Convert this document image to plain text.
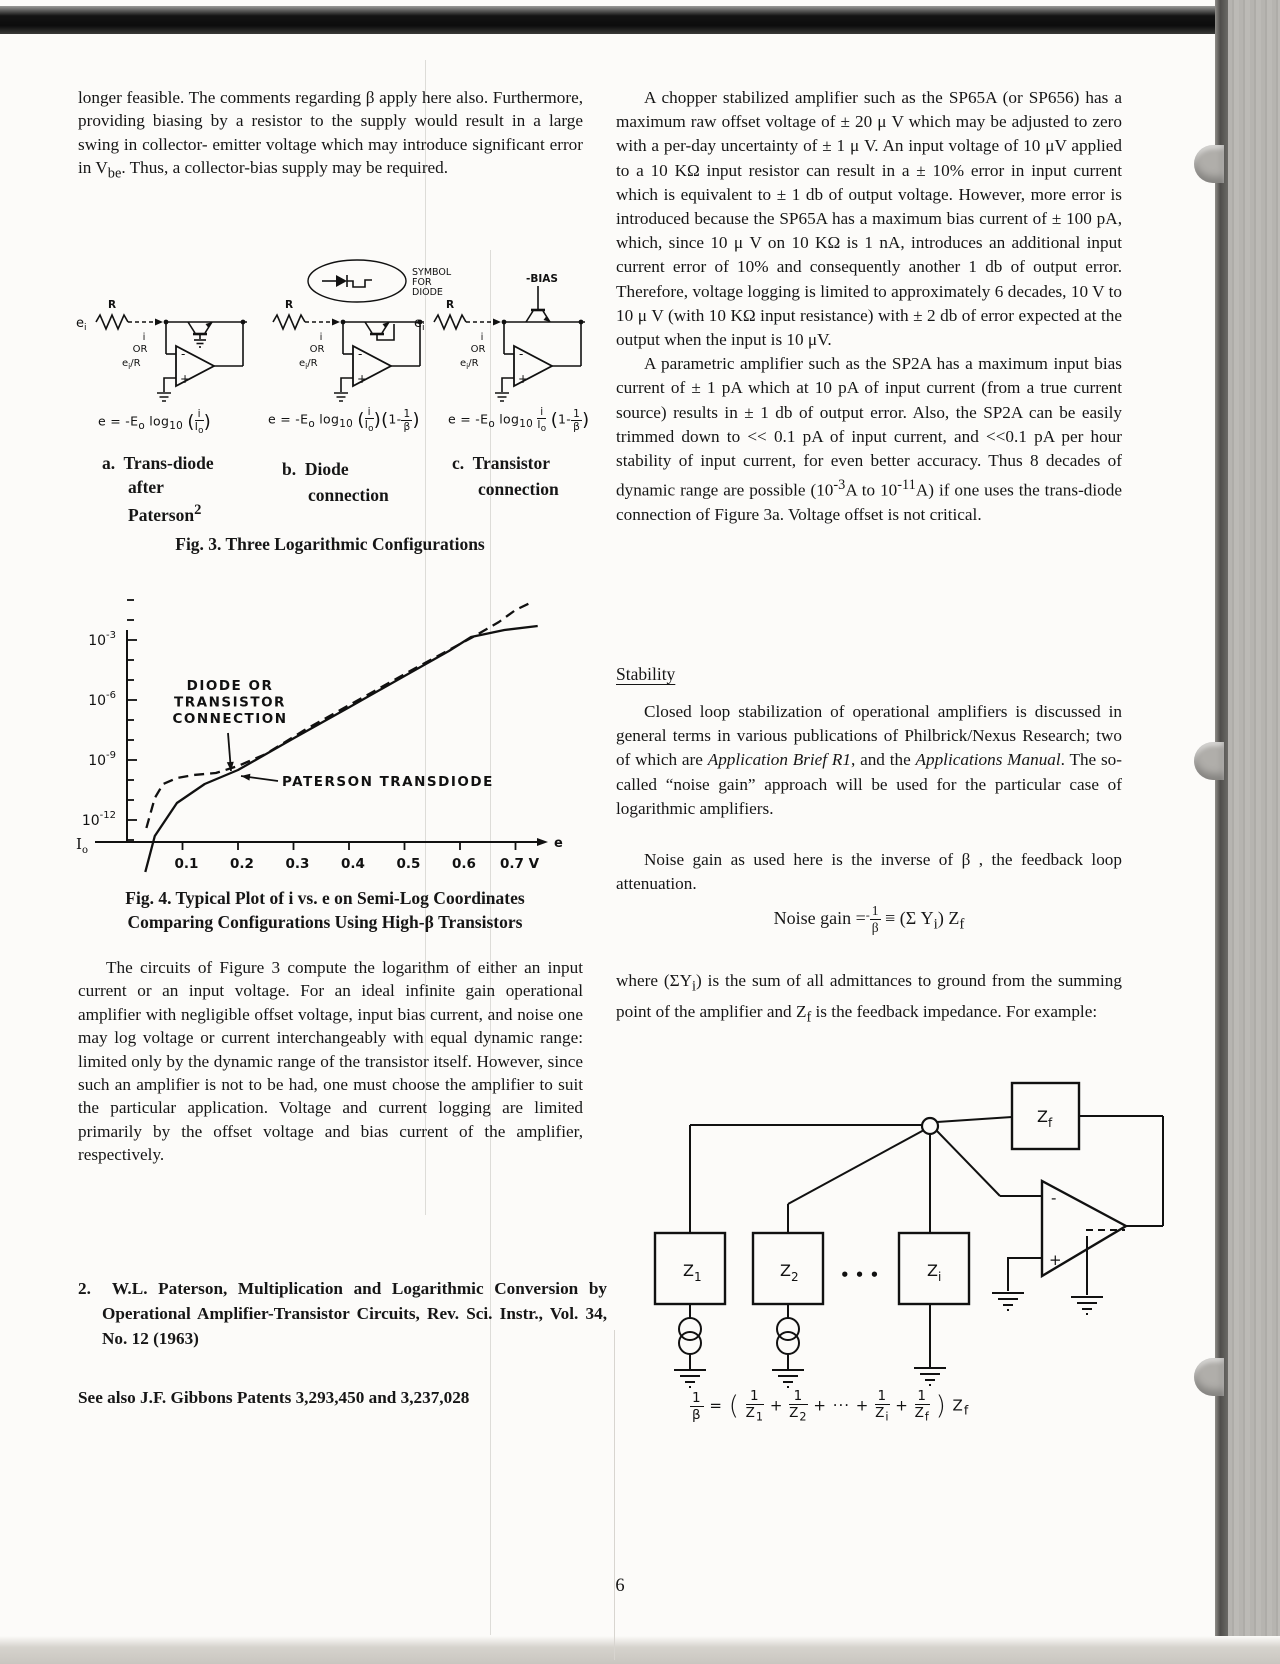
longer feasible. The comments regarding β apply here also. Furthermore, providing biasing by a resistor to the supply would result in a large swing in collector- emitter voltage which may introduce significant error in $V_{be}$. Thus, a collector-bias supply may be required.
$e_i$
R
i
OR
$e_i/R$
-
+
SYMBOL
FOR
DIODE
R
i
OR
$e_i/R$
-
+
$e_i$
R
i
OR
$e_i/R$
-
+
-BIAS
$e = -E_o$ $\log_{10}$ ( $\frac{i}{I_o}$ )	$e = -E_o$ $\log_{10}$ ( $\frac{i}{I_o} )(1- \frac{1}{\beta}$ ) $e = -E_o$ $\log_{10} \frac{i}{I_o} (1- \frac{1}{\beta}$ )
a.  Trans-diode
after
Paterson$^2$
b.  Diode
connection
c.  Transistor
connection
Fig. 3. Three Logarithmic Configurations
$10^{-3}$
$10^{-6}$
$10^{-9}$
$10^{-12}$
$I_o$	e
0.1 0.2 0.3 0.4 0.5 0.6 0.7 V
DIODE OR
TRANSISTOR
CONNECTION
PATERSON TRANSDIODE
Fig. 4. Typical Plot of i vs. e on Semi-Log Coordinates
Comparing Configurations Using High-β Transistors
The circuits of Figure 3 compute the logarithm of either an input current or an input voltage. For an ideal infinite gain operational amplifier with negligible offset voltage, input bias current, and noise one may log voltage or current interchangeably with equal dynamic range: limited only by the dynamic range of the transistor itself. However, since such an amplifier is not to be had, one must choose the amplifier to suit the particular application. Voltage and current logging are limited primarily by the offset voltage and bias current of the amplifier, respectively.
2.  W.L. Paterson, Multiplication and Logarithmic Conversion by Operational Amplifier-Transistor Circuits, Rev. Sci. Instr., Vol. 34, No. 12 (1963)
See also J.F. Gibbons Patents 3,293,450 and 3,237,028
A chopper stabilized amplifier such as the SP65A (or SP656) has a maximum raw offset voltage of ± 20 μ V which may be adjusted to zero with a per-day uncertainty of ± 1 μ V. An input voltage of 10 μV applied to a 10 KΩ input resistor can result in a ± 10% error in input current which is equivalent to ± 1 db of output voltage. However, more error is introduced because the SP65A has a maximum bias current of ± 100 pA, which, since 10 μ V on 10 KΩ is 1 nA, introduces an additional input current error of 10% and consequently another 1 db of output error. Therefore, voltage logging is limited to approximately 6 decades, 10 V to 10 μ V (with 10 KΩ input resistance) with ± 2 db of error expected at the output when the input is 10 μV.
A parametric amplifier such as the SP2A has a maximum input bias current of ± 1 pA which at 10 pA of input current (from a true current source) results in ± 1 db of output error. Also, the SP2A can be easily trimmed down to << 0.1 pA of input current, and <<0.1 pA per hour stability of input current, for even better accuracy. Thus 8 decades of dynamic range are possible ($10^{-3}A$ to $10^{-11}A$) if one uses the trans-diode connection of Figure 3a. Voltage offset is not critical.
Stability
Closed loop stabilization of operational amplifiers is discussed in general terms in various publications of Philbrick/Nexus Research; two of which are Application Brief R1, and the Applications Manual. The so-called “noise gain” approach will be used for the particular case of logarithmic amplifiers.
Noise gain as used here is the inverse of β , the feedback loop attenuation.
Noise gain $=^- \frac{1}{\beta} \equiv (\Sigma$ $Y_i$) $Z_f$
where $(\Sigma Y_i)$ is the sum of all admittances to ground from the summing point of the amplifier and $Z_f$ is the feedback impedance. For example:
$Z_1$	$Z_2$	$Z_i$
$Z_f$
• • •
-
+
$\frac{1}{\beta}$ = ( $\frac{1}{Z_1} + \frac{1}{Z_2}$ + ··· + $\frac{1}{Z_i} + \frac{1}{Z_f}$ ) $Z_f$
6
